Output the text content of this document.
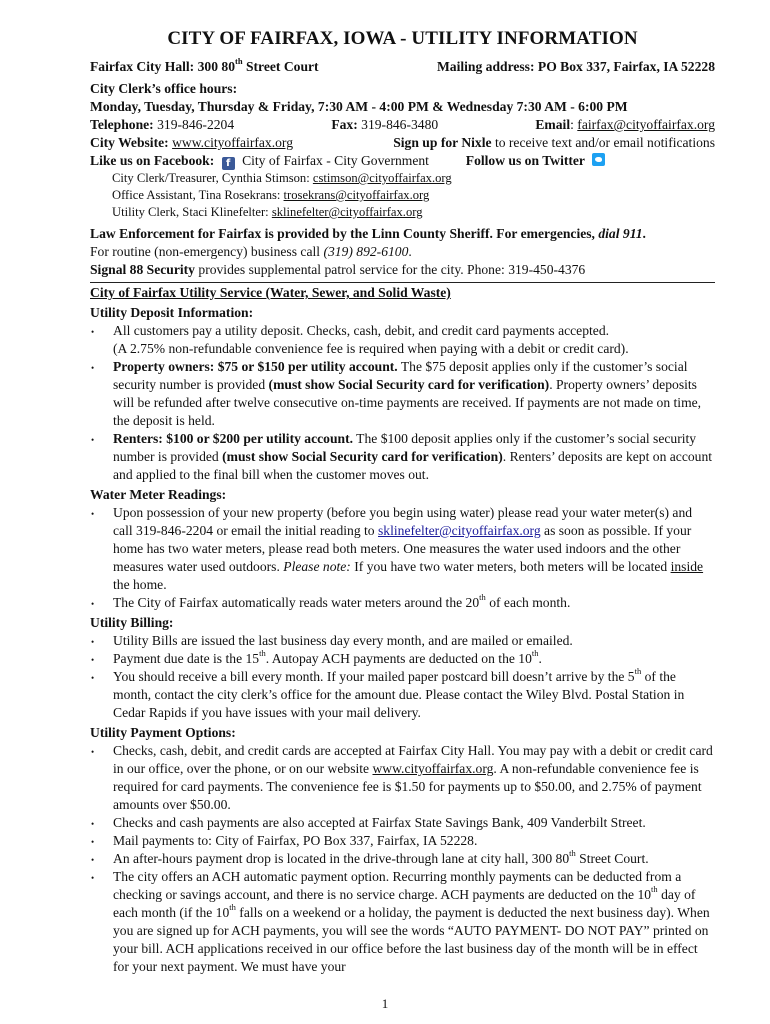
CITY OF FAIRFAX, IOWA - UTILITY INFORMATION
Fairfax City Hall: 300 80th Street Court	Mailing address: PO Box 337, Fairfax, IA 52228
City Clerk’s office hours:
Monday, Tuesday, Thursday & Friday, 7:30 AM - 4:00 PM & Wednesday 7:30 AM - 6:00 PM
Telephone: 319-846-2204	Fax: 319-846-3480	Email: fairfax@cityoffairfax.org
City Website: www.cityoffairfax.org	Sign up for Nixle to receive text and/or email notifications
Like us on Facebook: f City of Fairfax - City Government	Follow us on Twitter
City Clerk/Treasurer, Cynthia Stimson: cstimson@cityoffairfax.org
Office Assistant, Tina Rosekrans: trosekrans@cityoffairfax.org
Utility Clerk, Staci Klinefelter: sklinefelter@cityoffairfax.org
Law Enforcement for Fairfax is provided by the Linn County Sheriff. For emergencies, dial 911.
For routine (non-emergency) business call (319) 892-6100.
Signal 88 Security provides supplemental patrol service for the city. Phone: 319-450-4376
City of Fairfax Utility Service (Water, Sewer, and Solid Waste)
Utility Deposit Information:
• All customers pay a utility deposit. Checks, cash, debit, and credit card payments accepted.
(A 2.75% non-refundable convenience fee is required when paying with a debit or credit card).
• Property owners: $75 or $150 per utility account. The $75 deposit applies only if the customer’s social security number is provided (must show Social Security card for verification). Property owners’ deposits will be refunded after twelve consecutive on-time payments are received. If payments are not made on time, the deposit is held.
• Renters: $100 or $200 per utility account. The $100 deposit applies only if the customer’s social security number is provided (must show Social Security card for verification). Renters’ deposits are kept on account and applied to the final bill when the customer moves out.
Water Meter Readings:
• Upon possession of your new property (before you begin using water) please read your water meter(s) and call 319-846-2204 or email the initial reading to sklinefelter@cityoffairfax.org as soon as possible. If your home has two water meters, please read both meters. One measures the water used indoors and the other measures water used outdoors. Please note: If you have two water meters, both meters will be located inside the home.
• The City of Fairfax automatically reads water meters around the 20th of each month.
Utility Billing:
• Utility Bills are issued the last business day every month, and are mailed or emailed.
• Payment due date is the 15th. Autopay ACH payments are deducted on the 10th.
• You should receive a bill every month. If your mailed paper postcard bill doesn’t arrive by the 5th of the month, contact the city clerk’s office for the amount due. Please contact the Wiley Blvd. Postal Station in Cedar Rapids if you have issues with your mail delivery.
Utility Payment Options:
• Checks, cash, debit, and credit cards are accepted at Fairfax City Hall. You may pay with a debit or credit card in our office, over the phone, or on our website www.cityoffairfax.org. A non-refundable convenience fee is required for card payments. The convenience fee is $1.50 for payments up to $50.00, and 2.75% of payment amounts over $50.00.
• Checks and cash payments are also accepted at Fairfax State Savings Bank, 409 Vanderbilt Street.
• Mail payments to: City of Fairfax, PO Box 337, Fairfax, IA 52228.
• An after-hours payment drop is located in the drive-through lane at city hall, 300 80th Street Court.
• The city offers an ACH automatic payment option. Recurring monthly payments can be deducted from a checking or savings account, and there is no service charge. ACH payments are deducted on the 10th day of each month (if the 10th falls on a weekend or a holiday, the payment is deducted the next business day). When you are signed up for ACH payments, you will see the words “AUTO PAYMENT- DO NOT PAY” printed on your bill. ACH applications received in our office before the last business day of the month will be in effect for your next payment. We must have your
1
